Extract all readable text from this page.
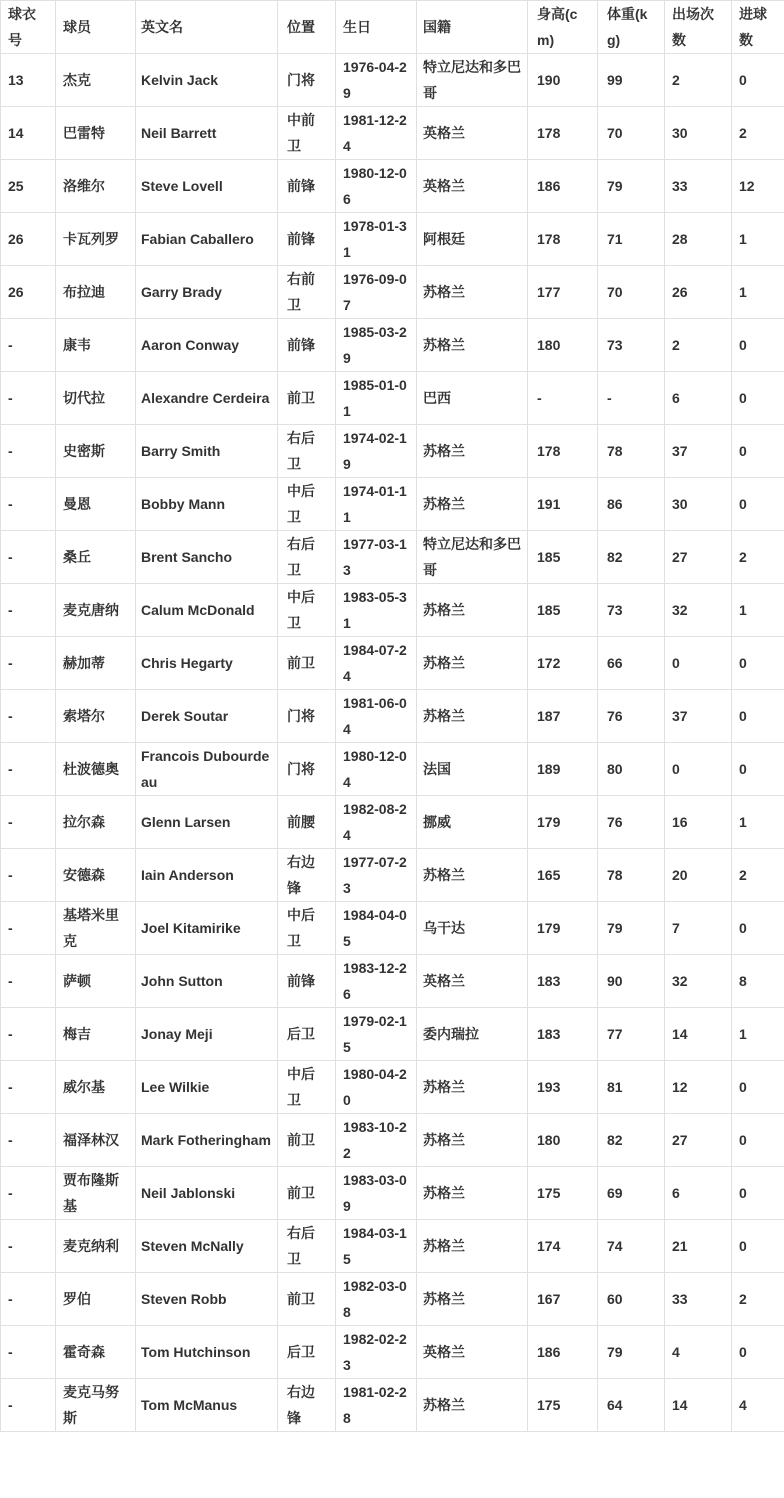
球衣号	球员	英文名	位置	生日	国籍	身高(cm)	体重(kg)	出场次数	进球数
13	杰克	Kelvin Jack	门将	1976-04-29	特立尼达和多巴哥	190	99	2	0
14	巴雷特	Neil Barrett	中前卫	1981-12-24	英格兰	178	70	30	2
25	洛维尔	Steve Lovell	前锋	1980-12-06	英格兰	186	79	33	12
26	卡瓦列罗	Fabian Caballero	前锋	1978-01-31	阿根廷	178	71	28	1
26	布拉迪	Garry Brady	右前卫	1976-09-07	苏格兰	177	70	26	1
-	康韦	Aaron Conway	前锋	1985-03-29	苏格兰	180	73	2	0
-	切代拉	Alexandre Cerdeira	前卫	1985-01-01	巴西	-	-	6	0
-	史密斯	Barry Smith	右后卫	1974-02-19	苏格兰	178	78	37	0
-	曼恩	Bobby Mann	中后卫	1974-01-11	苏格兰	191	86	30	0
-	桑丘	Brent Sancho	右后卫	1977-03-13	特立尼达和多巴哥	185	82	27	2
-	麦克唐纳	Calum McDonald	中后卫	1983-05-31	苏格兰	185	73	32	1
-	赫加蒂	Chris Hegarty	前卫	1984-07-24	苏格兰	172	66	0	0
-	索塔尔	Derek Soutar	门将	1981-06-04	苏格兰	187	76	37	0
-	杜波德奥	Francois Dubourdeau	门将	1980-12-04	法国	189	80	0	0
-	拉尔森	Glenn Larsen	前腰	1982-08-24	挪威	179	76	16	1
-	安德森	Iain Anderson	右边锋	1977-07-23	苏格兰	165	78	20	2
-	基塔米里克	Joel Kitamirike	中后卫	1984-04-05	乌干达	179	79	7	0
-	萨顿	John Sutton	前锋	1983-12-26	英格兰	183	90	32	8
-	梅吉	Jonay Meji	后卫	1979-02-15	委内瑞拉	183	77	14	1
-	威尔基	Lee Wilkie	中后卫	1980-04-20	苏格兰	193	81	12	0
-	福泽林汉	Mark Fotheringham	前卫	1983-10-22	苏格兰	180	82	27	0
-	贾布隆斯基	Neil Jablonski	前卫	1983-03-09	苏格兰	175	69	6	0
-	麦克纳利	Steven McNally	右后卫	1984-03-15	苏格兰	174	74	21	0
-	罗伯	Steven Robb	前卫	1982-03-08	苏格兰	167	60	33	2
-	霍奇森	Tom Hutchinson	后卫	1982-02-23	英格兰	186	79	4	0
-	麦克马努斯	Tom McManus	右边锋	1981-02-28	苏格兰	175	64	14	4
